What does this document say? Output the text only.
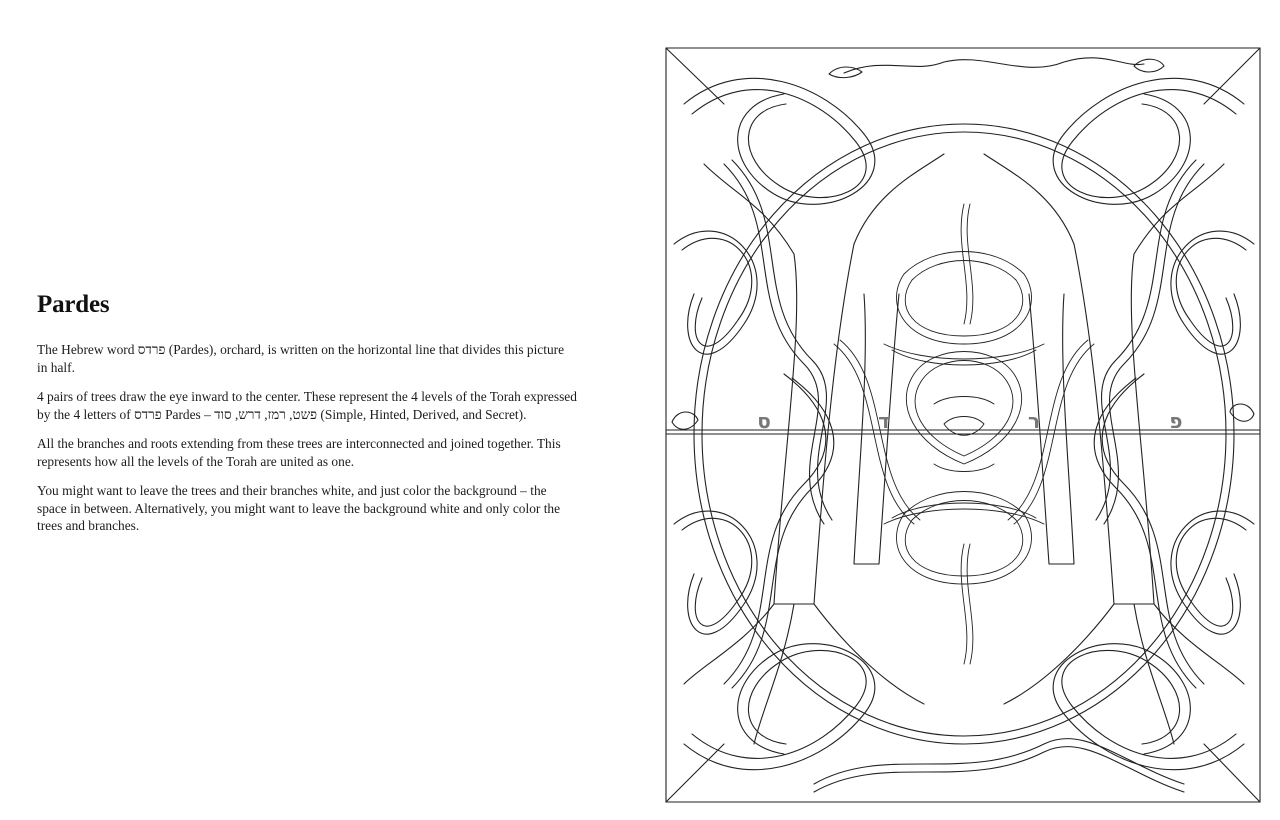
Pardes

The Hebrew word פרדס (Pardes), orchard, is written on the horizontal line that divides this picture in half.

4 pairs of trees draw the eye inward to the center. These represent the 4 levels of the Torah expressed by the 4 letters of פרדס Pardes – פשט, רמז, דרש, סוד (Simple, Hinted, Derived, and Secret).

All the branches and roots extending from these trees are interconnected and joined together. This represents how all the levels of the Torah are united as one.

You might want to leave the trees and their branches white, and just color the background – the space in between. Alternatively, you might want to leave the background white and only color the trees and branches.

ס	ד	ר	פ
